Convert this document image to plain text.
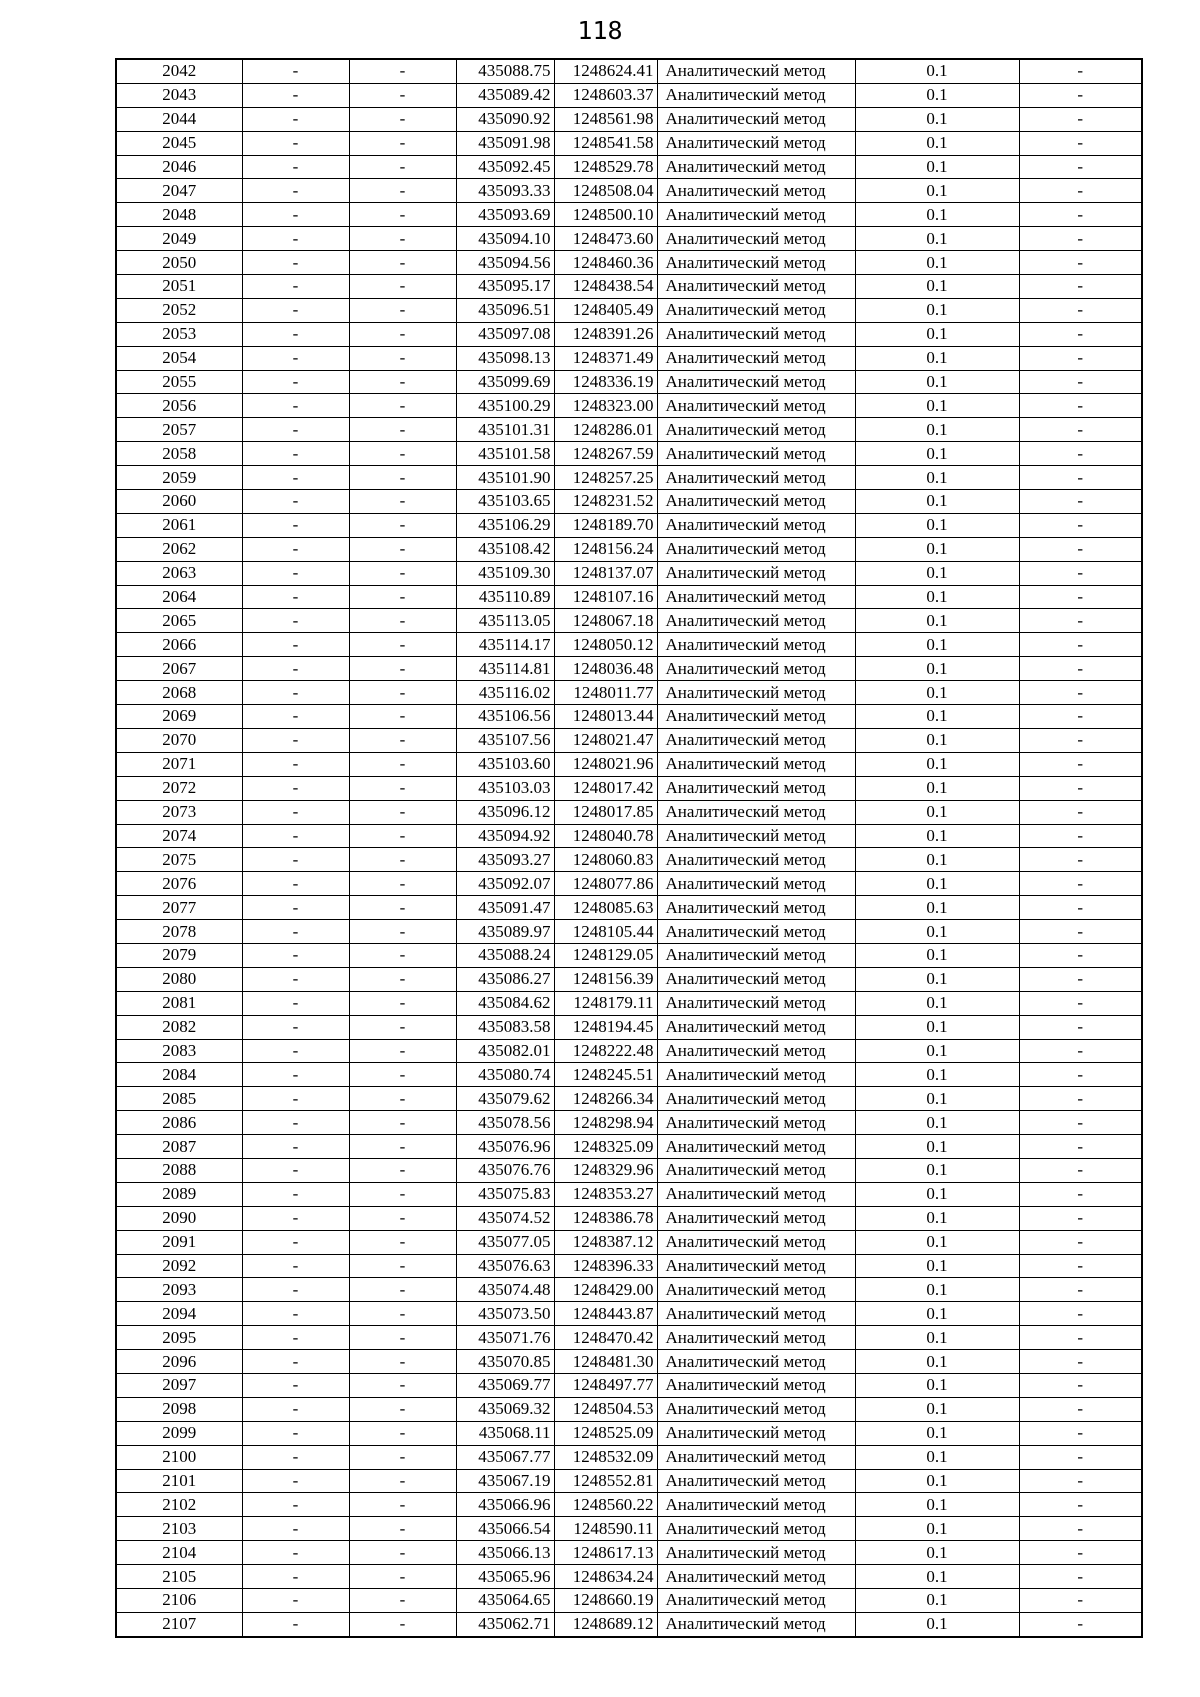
118
2042	-	-	435088.75	1248624.41	Аналитический метод	0.1	-
2043	-	-	435089.42	1248603.37	Аналитический метод	0.1	-
2044	-	-	435090.92	1248561.98	Аналитический метод	0.1	-
2045	-	-	435091.98	1248541.58	Аналитический метод	0.1	-
2046	-	-	435092.45	1248529.78	Аналитический метод	0.1	-
2047	-	-	435093.33	1248508.04	Аналитический метод	0.1	-
2048	-	-	435093.69	1248500.10	Аналитический метод	0.1	-
2049	-	-	435094.10	1248473.60	Аналитический метод	0.1	-
2050	-	-	435094.56	1248460.36	Аналитический метод	0.1	-
2051	-	-	435095.17	1248438.54	Аналитический метод	0.1	-
2052	-	-	435096.51	1248405.49	Аналитический метод	0.1	-
2053	-	-	435097.08	1248391.26	Аналитический метод	0.1	-
2054	-	-	435098.13	1248371.49	Аналитический метод	0.1	-
2055	-	-	435099.69	1248336.19	Аналитический метод	0.1	-
2056	-	-	435100.29	1248323.00	Аналитический метод	0.1	-
2057	-	-	435101.31	1248286.01	Аналитический метод	0.1	-
2058	-	-	435101.58	1248267.59	Аналитический метод	0.1	-
2059	-	-	435101.90	1248257.25	Аналитический метод	0.1	-
2060	-	-	435103.65	1248231.52	Аналитический метод	0.1	-
2061	-	-	435106.29	1248189.70	Аналитический метод	0.1	-
2062	-	-	435108.42	1248156.24	Аналитический метод	0.1	-
2063	-	-	435109.30	1248137.07	Аналитический метод	0.1	-
2064	-	-	435110.89	1248107.16	Аналитический метод	0.1	-
2065	-	-	435113.05	1248067.18	Аналитический метод	0.1	-
2066	-	-	435114.17	1248050.12	Аналитический метод	0.1	-
2067	-	-	435114.81	1248036.48	Аналитический метод	0.1	-
2068	-	-	435116.02	1248011.77	Аналитический метод	0.1	-
2069	-	-	435106.56	1248013.44	Аналитический метод	0.1	-
2070	-	-	435107.56	1248021.47	Аналитический метод	0.1	-
2071	-	-	435103.60	1248021.96	Аналитический метод	0.1	-
2072	-	-	435103.03	1248017.42	Аналитический метод	0.1	-
2073	-	-	435096.12	1248017.85	Аналитический метод	0.1	-
2074	-	-	435094.92	1248040.78	Аналитический метод	0.1	-
2075	-	-	435093.27	1248060.83	Аналитический метод	0.1	-
2076	-	-	435092.07	1248077.86	Аналитический метод	0.1	-
2077	-	-	435091.47	1248085.63	Аналитический метод	0.1	-
2078	-	-	435089.97	1248105.44	Аналитический метод	0.1	-
2079	-	-	435088.24	1248129.05	Аналитический метод	0.1	-
2080	-	-	435086.27	1248156.39	Аналитический метод	0.1	-
2081	-	-	435084.62	1248179.11	Аналитический метод	0.1	-
2082	-	-	435083.58	1248194.45	Аналитический метод	0.1	-
2083	-	-	435082.01	1248222.48	Аналитический метод	0.1	-
2084	-	-	435080.74	1248245.51	Аналитический метод	0.1	-
2085	-	-	435079.62	1248266.34	Аналитический метод	0.1	-
2086	-	-	435078.56	1248298.94	Аналитический метод	0.1	-
2087	-	-	435076.96	1248325.09	Аналитический метод	0.1	-
2088	-	-	435076.76	1248329.96	Аналитический метод	0.1	-
2089	-	-	435075.83	1248353.27	Аналитический метод	0.1	-
2090	-	-	435074.52	1248386.78	Аналитический метод	0.1	-
2091	-	-	435077.05	1248387.12	Аналитический метод	0.1	-
2092	-	-	435076.63	1248396.33	Аналитический метод	0.1	-
2093	-	-	435074.48	1248429.00	Аналитический метод	0.1	-
2094	-	-	435073.50	1248443.87	Аналитический метод	0.1	-
2095	-	-	435071.76	1248470.42	Аналитический метод	0.1	-
2096	-	-	435070.85	1248481.30	Аналитический метод	0.1	-
2097	-	-	435069.77	1248497.77	Аналитический метод	0.1	-
2098	-	-	435069.32	1248504.53	Аналитический метод	0.1	-
2099	-	-	435068.11	1248525.09	Аналитический метод	0.1	-
2100	-	-	435067.77	1248532.09	Аналитический метод	0.1	-
2101	-	-	435067.19	1248552.81	Аналитический метод	0.1	-
2102	-	-	435066.96	1248560.22	Аналитический метод	0.1	-
2103	-	-	435066.54	1248590.11	Аналитический метод	0.1	-
2104	-	-	435066.13	1248617.13	Аналитический метод	0.1	-
2105	-	-	435065.96	1248634.24	Аналитический метод	0.1	-
2106	-	-	435064.65	1248660.19	Аналитический метод	0.1	-
2107	-	-	435062.71	1248689.12	Аналитический метод	0.1	-
